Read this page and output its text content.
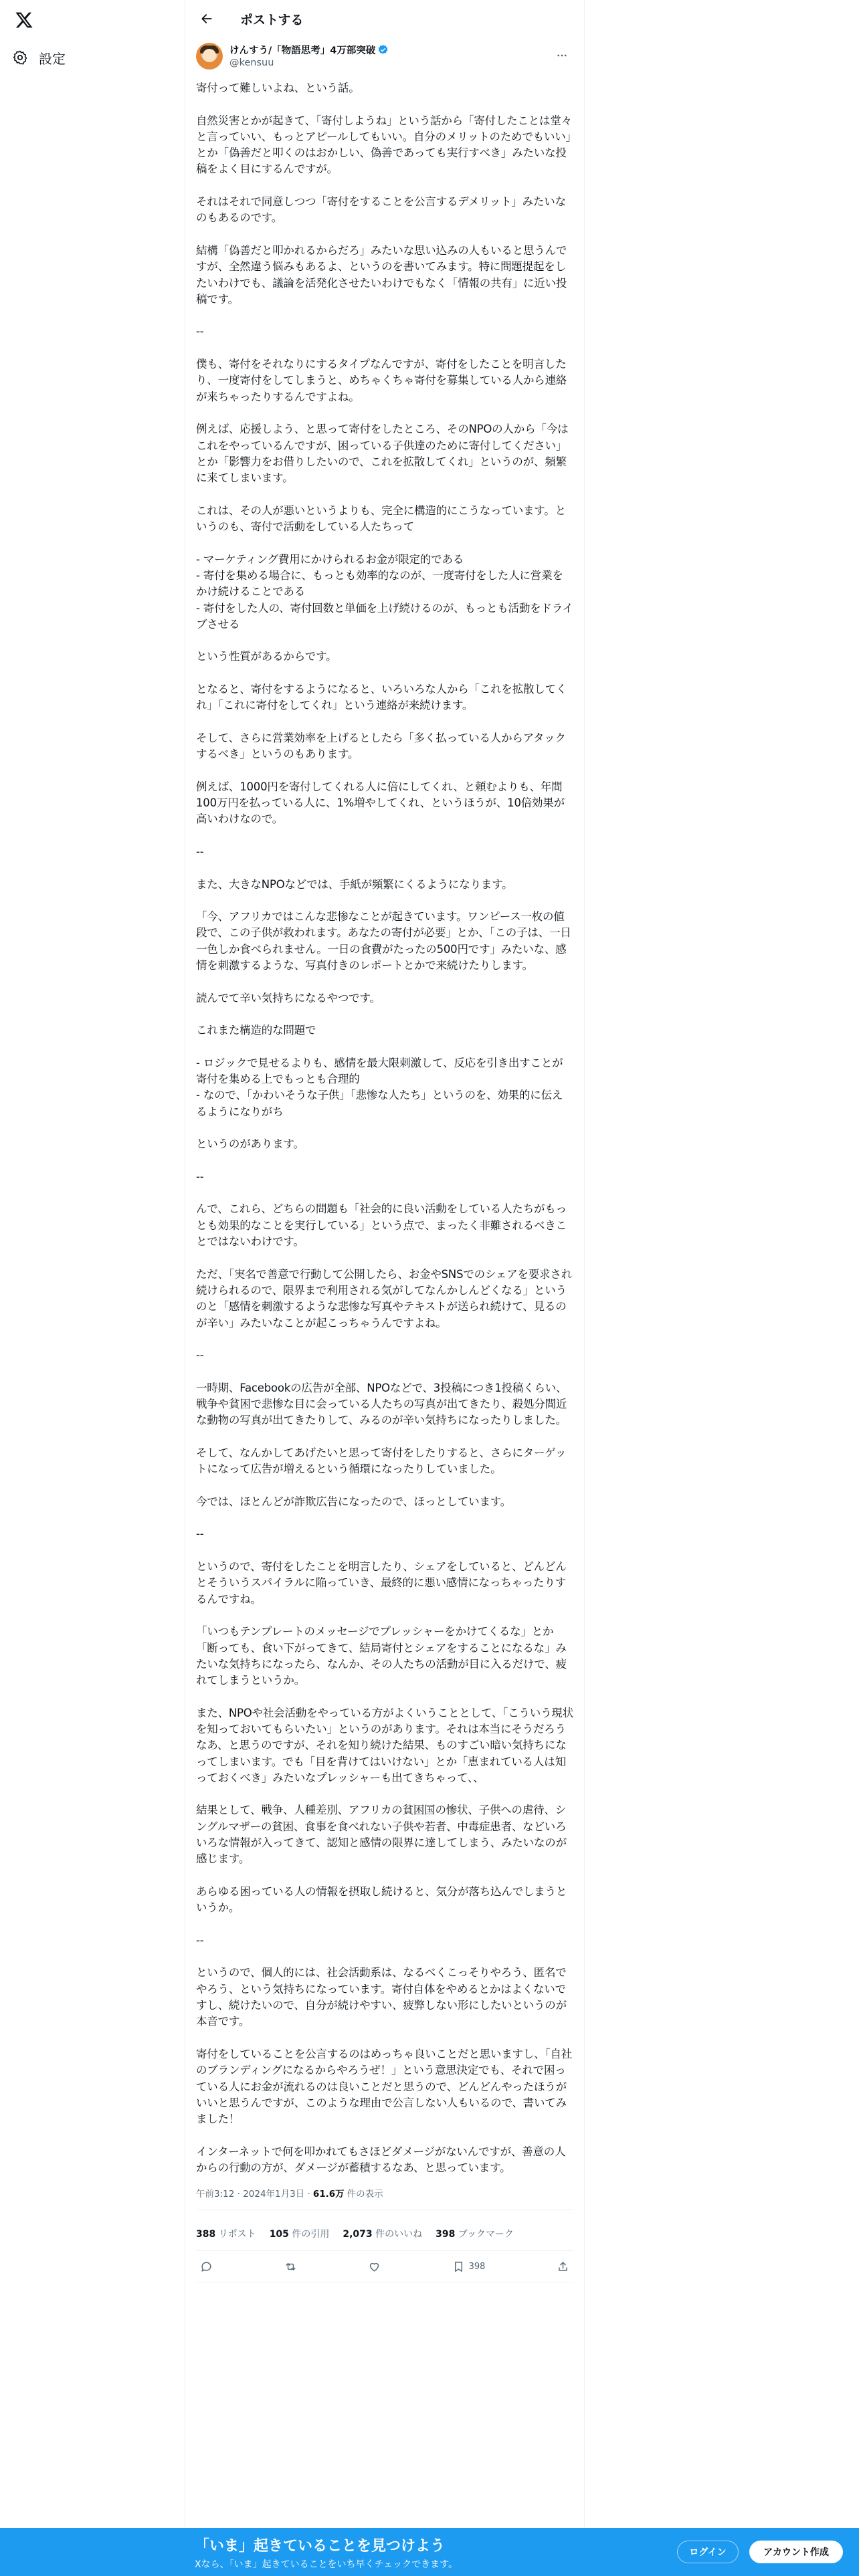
設定
ポストする
けんすう/「物語思考」4万部突破
@kensuu

寄付って難しいよね、という話。

自然災害とかが起きて、「寄付しようね」という話から「寄付したことは堂々と言っていい、もっとアピールしてもいい。自分のメリットのためでもいい」とか「偽善だと叩くのはおかしい、偽善であっても実行すべき」みたいな投稿をよく目にするんですが。

それはそれで同意しつつ「寄付をすることを公言するデメリット」みたいなのもあるのです。

結構「偽善だと叩かれるからだろ」みたいな思い込みの人もいると思うんですが、全然違う悩みもあるよ、というのを書いてみます。特に問題提起をしたいわけでも、議論を活発化させたいわけでもなく「情報の共有」に近い投稿です。

--

僕も、寄付をそれなりにするタイプなんですが、寄付をしたことを明言したり、一度寄付をしてしまうと、めちゃくちゃ寄付を募集している人から連絡が来ちゃったりするんですよね。

例えば、応援しよう、と思って寄付をしたところ、そのNPOの人から「今はこれをやっているんですが、困っている子供達のために寄付してください」とか「影響力をお借りしたいので、これを拡散してくれ」というのが、頻繁に来てしまいます。

これは、その人が悪いというよりも、完全に構造的にこうなっています。というのも、寄付で活動をしている人たちって

- マーケティング費用にかけられるお金が限定的である

- 寄付を集める場合に、もっとも効率的なのが、一度寄付をした人に営業をかけ続けることである

- 寄付をした人の、寄付回数と単価を上げ続けるのが、もっとも活動をドライブさせる

という性質があるからです。

となると、寄付をするようになると、いろいろな人から「これを拡散してくれ」「これに寄付をしてくれ」という連絡が来続けます。

そして、さらに営業効率を上げるとしたら「多く払っている人からアタックするべき」というのもあります。

例えば、1000円を寄付してくれる人に倍にしてくれ、と頼むよりも、年間100万円を払っている人に、1%増やしてくれ、というほうが、10倍効果が高いわけなので。

--

また、大きなNPOなどでは、手紙が頻繁にくるようになります。

「今、アフリカではこんな悲惨なことが起きています。ワンピース一枚の値段で、この子供が救われます。あなたの寄付が必要」とか、「この子は、一日一色しか食べられません。一日の食費がたったの500円です」みたいな、感情を刺激するような、写真付きのレポートとかで来続けたりします。

読んでて辛い気持ちになるやつです。

これまた構造的な問題で

- ロジックで見せるよりも、感情を最大限刺激して、反応を引き出すことが寄付を集める上でもっとも合理的

- なので、「かわいそうな子供」「悲惨な人たち」というのを、効果的に伝えるようになりがち

というのがあります。

--

んで、これら、どちらの問題も「社会的に良い活動をしている人たちがもっとも効果的なことを実行している」という点で、まったく非難されるべきことではないわけです。

ただ、「実名で善意で行動して公開したら、お金やSNSでのシェアを要求され続けられるので、限界まで利用される気がしてなんかしんどくなる」というのと「感情を刺激するような悲惨な写真やテキストが送られ続けて、見るのが辛い」みたいなことが起こっちゃうんですよね。

--

一時期、Facebookの広告が全部、NPOなどで、3投稿につき1投稿くらい、戦争や貧困で悲惨な目に会っている人たちの写真が出てきたり、殺処分間近な動物の写真が出てきたりして、みるのが辛い気持ちになったりしました。

そして、なんかしてあげたいと思って寄付をしたりすると、さらにターゲットになって広告が増えるという循環になったりしていました。

今では、ほとんどが詐欺広告になったので、ほっとしています。

--

というので、寄付をしたことを明言したり、シェアをしていると、どんどんとそういうスパイラルに陥っていき、最終的に悪い感情になっちゃったりするんですね。

「いつもテンプレートのメッセージでプレッシャーをかけてくるな」とか「断っても、食い下がってきて、結局寄付とシェアをすることになるな」みたいな気持ちになったら、なんか、その人たちの活動が目に入るだけで、疲れてしまうというか。

また、NPOや社会活動をやっている方がよくいうこととして、「こういう現状を知っておいてもらいたい」というのがあります。それは本当にそうだろうなあ、と思うのですが、それを知り続けた結果、ものすごい暗い気持ちになってしまいます。でも「目を背けてはいけない」とか「恵まれている人は知っておくべき」みたいなプレッシャーも出てきちゃって、、

結果として、戦争、人種差別、アフリカの貧困国の惨状、子供への虐待、シングルマザーの貧困、食事を食べれない子供や若者、中毒症患者、などいろいろな情報が入ってきて、認知と感情の限界に達してしまう、みたいなのが感じます。

あらゆる困っている人の情報を摂取し続けると、気分が落ち込んでしまうというか。

--

というので、個人的には、社会活動系は、なるべくこっそりやろう、匿名でやろう、という気持ちになっています。寄付自体をやめるとかはよくないですし、続けたいので、自分が続けやすい、疲弊しない形にしたいというのが本音です。

寄付をしていることを公言するのはめっちゃ良いことだと思いますし、「自社のブランディングになるからやろうぜ！」という意思決定でも、それで困っている人にお金が流れるのは良いことだと思うので、どんどんやったほうがいいと思うんですが、このような理由で公言しない人もいるので、書いてみました！

インターネットで何を叩かれてもさほどダメージがないんですが、善意の人からの行動の方が、ダメージが蓄積するなあ、と思っています。

午前3:12 · 2024年1月3日 · 61.6万 件の表示
388 リポスト 105 件の引用 2,073 件のいいね 398 ブックマーク
398
「いま」起きていることを見つけよう
Xなら、「いま」起きていることをいち早くチェックできます。
ログイン	アカウント作成
